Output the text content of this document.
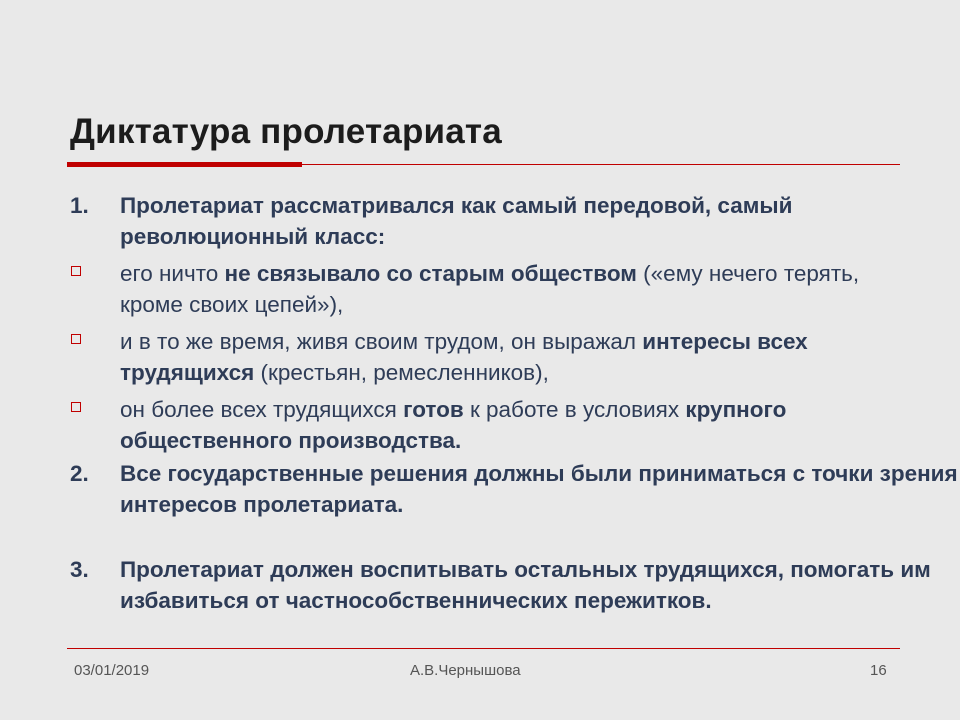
Диктатура пролетариата
1. Пролетариат рассматривался как самый передовой, самый революционный класс:
его ничто не связывало со старым обществом («ему нечего терять, кроме своих цепей»),
и в то же время, живя своим трудом, он выражал интересы всех трудящихся (крестьян, ремесленников),
он более всех трудящихся готов к работе в условиях крупного общественного производства.
2. Все государственные решения должны были приниматься с точки зрения интересов пролетариата.
3. Пролетариат должен воспитывать остальных трудящихся, помогать им избавиться от частнособственнических пережитков.
03/01/2019	А.В.Чернышова	16
